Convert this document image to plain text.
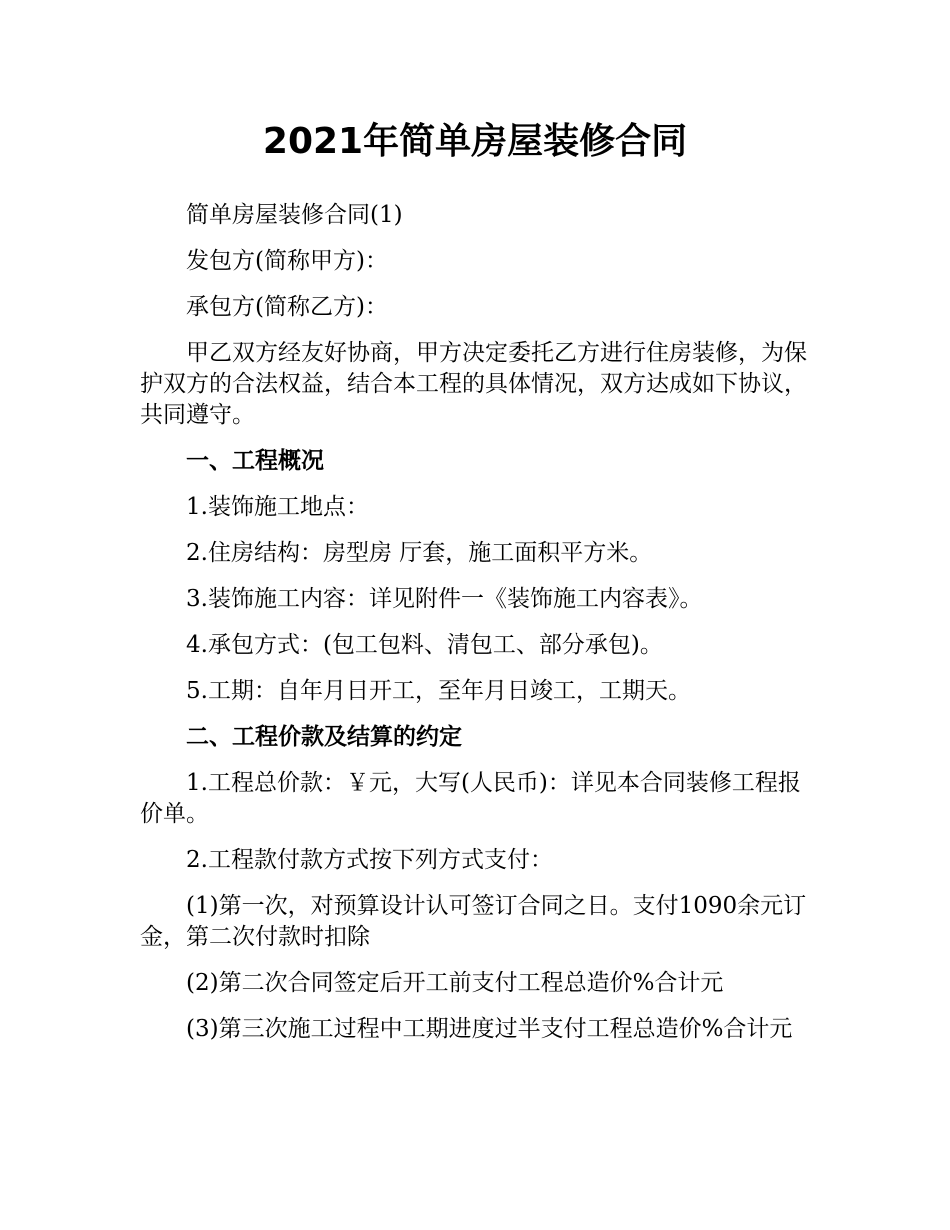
2021年简单房屋装修合同

简单房屋装修合同(1)

发包方(简称甲方)：

承包方(简称乙方)：

甲乙双方经友好协商，甲方决定委托乙方进行住房装修，为保护双方的合法权益，结合本工程的具体情况，双方达成如下协议，共同遵守。

一、工程概况

1.装饰施工地点：

2.住房结构：房型房 厅套，施工面积平方米。

3.装饰施工内容：详见附件一《装饰施工内容表》。

4.承包方式：(包工包料、清包工、部分承包)。

5.工期：自年月日开工，至年月日竣工，工期天。

二、工程价款及结算的约定

1.工程总价款：￥元，大写(人民币)：详见本合同装修工程报价单。

2.工程款付款方式按下列方式支付：

(1)第一次，对预算设计认可签订合同之日。支付1090余元订金，第二次付款时扣除

(2)第二次合同签定后开工前支付工程总造价%合计元

(3)第三次施工过程中工期进度过半支付工程总造价%合计元
